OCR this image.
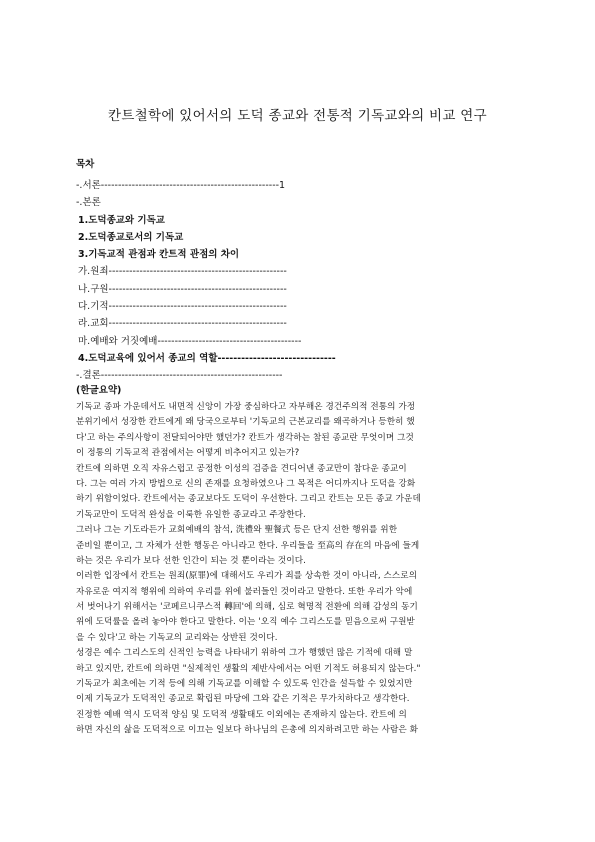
칸트철학에 있어서의 도덕 종교와 전통적 기독교와의 비교 연구
목차
-.서론----------------------------------------------------1
-.본론
1.도덕종교와 기독교
2.도덕종교로서의 기독교
3.기독교적 관점과 칸트적 관점의 차이
가.원죄----------------------------------------------------
나.구원----------------------------------------------------
다.기적----------------------------------------------------
라.교회----------------------------------------------------
마.예배와 거짓예배------------------------------------------
4.도덕교육에 있어서 종교의 역할------------------------------
-.결론-----------------------------------------------------
(한글요약)
기독교 종파 가운데서도 내면적 신앙이 가장 중심하다고 자부해온 경건주의적 전통의 가정
분위기에서 성장한 칸트에게 왜 당국으로부터 '기독교의 근본교리를 왜곡하거나 등한히 했
다'고 하는 주의사항이 전달되어야만 했던가? 칸트가 생각하는 참된 종교란 무엇이며 그것
이 정통의 기독교적 관점에서는 어떻게 비추어지고 있는가?
칸트에 의하면 오직 자유스럽고 공정한 이성의 검증을 견디어낸 종교만이 참다운 종교이
다. 그는 여러 가지 방법으로 신의 존재를 요청하였으나 그 목적은 어디까지나 도덕을 강화
하기 위함이었다. 칸트에서는 종교보다도 도덕이 우선한다. 그리고 칸트는 모든 종교 가운데
기독교만이 도덕적 완성을 이룩한 유일한 종교라고 주장한다.
그러나 그는 기도라든가 교회예배의 참석, 洗禮와 聖餐式 등은 단지 선한 행위를 위한
준비일 뿐이고, 그 자체가 선한 행동은 아니라고 한다. 우리들을 至高의 存在의 마음에 들게
하는 것은 우리가 보다 선한 인간이 되는 것 뿐이라는 것이다.
이러한 입장에서 칸트는 원죄(原罪)에 대해서도 우리가 죄를 상속한 것이 아니라, 스스로의
자유로운 여지적 행위에 의하여 우리를 위에 불러들인 것이라고 말한다. 또한 우리가 악에
서 벗어나기 위해서는 '코페르니쿠스적 轉回'에 의해, 심로 혁명적 전환에 의해 감성의 동기
위에 도덕률을 올려 놓아야 한다고 말한다. 이는 '오직 예수 그리스도를 믿음으로써 구원받
을 수 있다'고 하는 기독교의 교리와는 상반된 것이다.
성경은 예수 그리스도의 신적인 능력을 나타내기 위하여 그가 행했던 많은 기적에 대해 말
하고 있지만, 칸트에 의하면 "실제적인 생활의 제반사에서는 어떤 기적도 허용되지 않는다."
기독교가 최초에는 기적 등에 의해 기독교를 이해할 수 있도록 인간을 설득할 수 있었지만
이제 기독교가 도덕적인 종교로 확립된 마당에 그와 같은 기적은 무가치하다고 생각한다.
진정한 예배 역시 도덕적 양심 및 도덕적 생활태도 이외에는 존재하지 않는다. 칸트에 의
하면 자신의 삶을 도덕적으로 이끄는 일보다 하나님의 은총에 의지하려고만 하는 사람은 화
